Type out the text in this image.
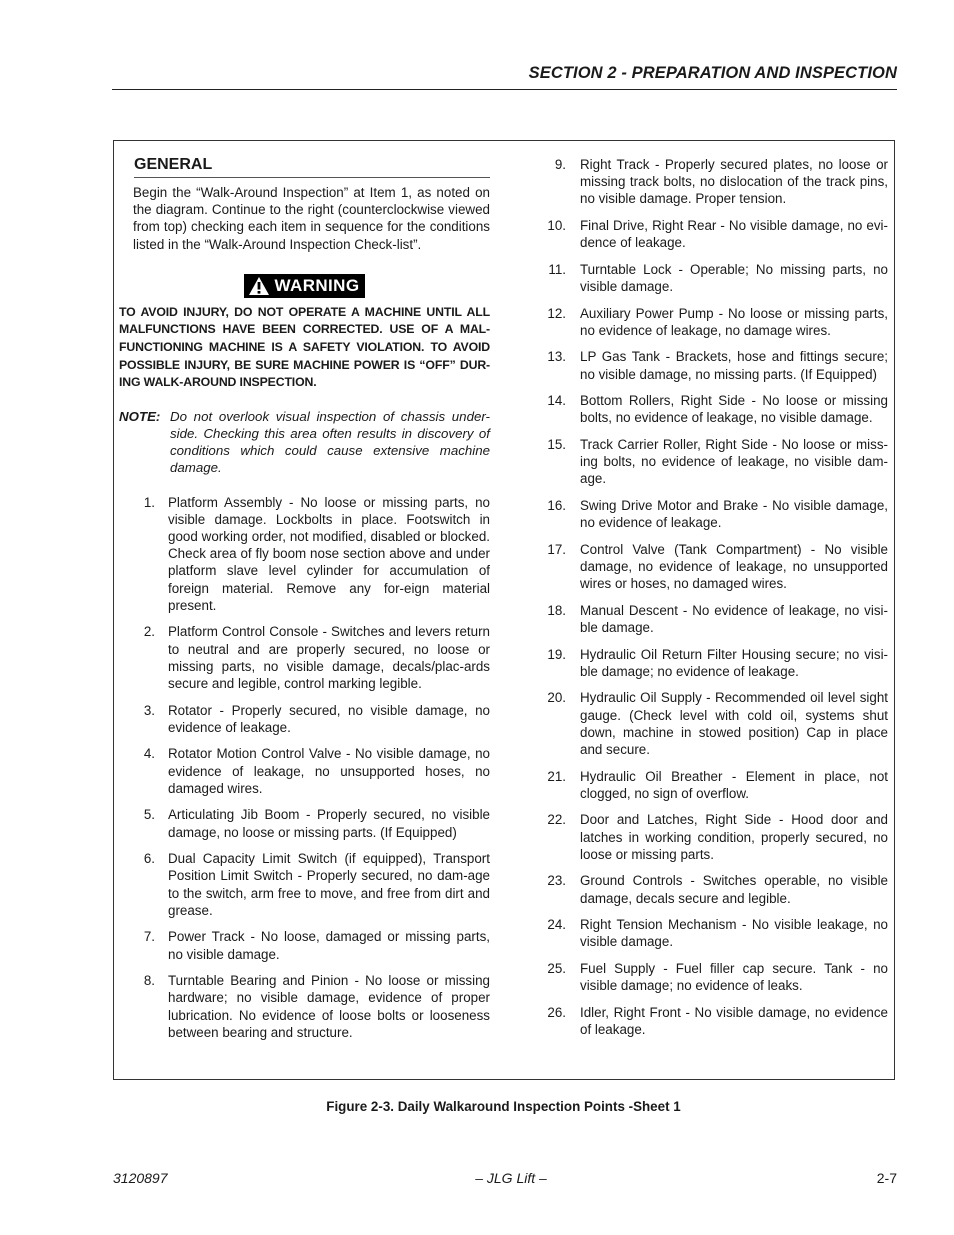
SECTION 2 - PREPARATION AND INSPECTION
GENERAL

Begin the “Walk-Around Inspection” at Item 1, as noted on the diagram. Continue to the right (counterclockwise viewed from top) checking each item in sequence for the conditions listed in the “Walk-Around Inspection Check-list”.

WARNING

TO AVOID INJURY, DO NOT OPERATE A MACHINE UNTIL ALL MALFUNCTIONS HAVE BEEN CORRECTED. USE OF A MAL-FUNCTIONING MACHINE IS A SAFETY VIOLATION. TO AVOID POSSIBLE INJURY, BE SURE MACHINE POWER IS “OFF” DUR-ING WALK-AROUND INSPECTION.

NOTE: Do not overlook visual inspection of chassis under-side. Checking this area often results in discovery of conditions which could cause extensive machine damage.
1. Platform Assembly - No loose or missing parts, no visible damage. Lockbolts in place. Footswitch in good working order, not modified, disabled or blocked. Check area of fly boom nose section above and under platform slave level cylinder for accumulation of foreign material. Remove any for-eign material present.
2. Platform Control Console - Switches and levers return to neutral and are properly secured, no loose or missing parts, no visible damage, decals/plac-ards secure and legible, control marking legible.
3. Rotator - Properly secured, no visible damage, no evidence of leakage.
4. Rotator Motion Control Valve - No visible damage, no evidence of leakage, no unsupported hoses, no damaged wires.
5. Articulating Jib Boom - Properly secured, no visible damage, no loose or missing parts. (If Equipped)
6. Dual Capacity Limit Switch (if equipped), Transport Position Limit Switch - Properly secured, no dam-age to the switch, arm free to move, and free from dirt and grease.
7. Power Track - No loose, damaged or missing parts, no visible damage.
8. Turntable Bearing and Pinion - No loose or missing hardware; no visible damage, evidence of proper lubrication. No evidence of loose bolts or looseness between bearing and structure.
9. Right Track - Properly secured plates, no loose or missing track bolts, no dislocation of the track pins, no visible damage. Proper tension.
10. Final Drive, Right Rear - No visible damage, no evi-dence of leakage.
11. Turntable Lock - Operable; No missing parts, no visible damage.
12. Auxiliary Power Pump - No loose or missing parts, no evidence of leakage, no damage wires.
13. LP Gas Tank - Brackets, hose and fittings secure; no visible damage, no missing parts. (If Equipped)
14. Bottom Rollers, Right Side - No loose or missing bolts, no evidence of leakage, no visible damage.
15. Track Carrier Roller, Right Side - No loose or miss-ing bolts, no evidence of leakage, no visible dam-age.
16. Swing Drive Motor and Brake - No visible damage, no evidence of leakage.
17. Control Valve (Tank Compartment) - No visible damage, no evidence of leakage, no unsupported wires or hoses, no damaged wires.
18. Manual Descent - No evidence of leakage, no visi-ble damage.
19. Hydraulic Oil Return Filter Housing secure; no visi-ble damage; no evidence of leakage.
20. Hydraulic Oil Supply - Recommended oil level sight gauge. (Check level with cold oil, systems shut down, machine in stowed position) Cap in place and secure.
21. Hydraulic Oil Breather - Element in place, not clogged, no sign of overflow.
22. Door and Latches, Right Side - Hood door and latches in working condition, properly secured, no loose or missing parts.
23. Ground Controls - Switches operable, no visible damage, decals secure and legible.
24. Right Tension Mechanism - No visible leakage, no visible damage.
25. Fuel Supply - Fuel filler cap secure. Tank - no visible damage; no evidence of leaks.
26. Idler, Right Front - No visible damage, no evidence of leakage.
Figure 2-3. Daily Walkaround Inspection Points -Sheet 1
3120897	– JLG Lift –	2-7
